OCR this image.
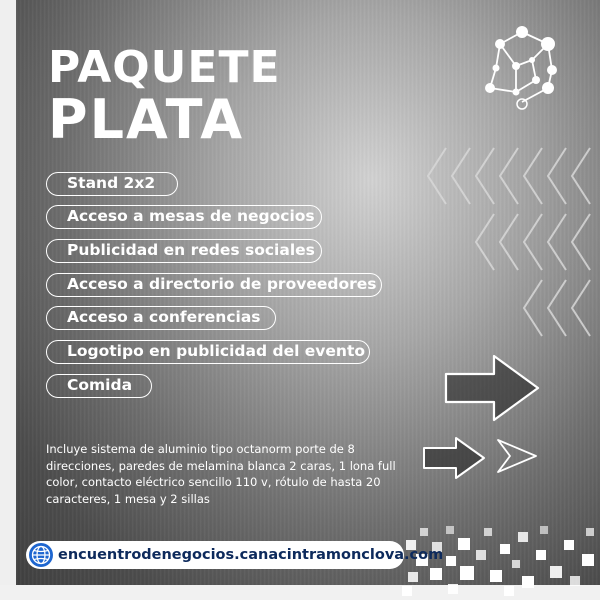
PAQUETE
PLATA
Stand 2x2
Acceso a mesas de negocios
Publicidad en redes sociales
Acceso a directorio de proveedores
Acceso a conferencias
Logotipo en publicidad del evento
Comida

Incluye sistema de aluminio tipo octanorm porte de 8 direcciones, paredes de melamina blanca 2 caras, 1 lona full color, contacto eléctrico sencillo 110 v, rótulo de hasta 20 caracteres, 1 mesa y 2 sillas

encuentrodenegocios.canacintramonclova.com
